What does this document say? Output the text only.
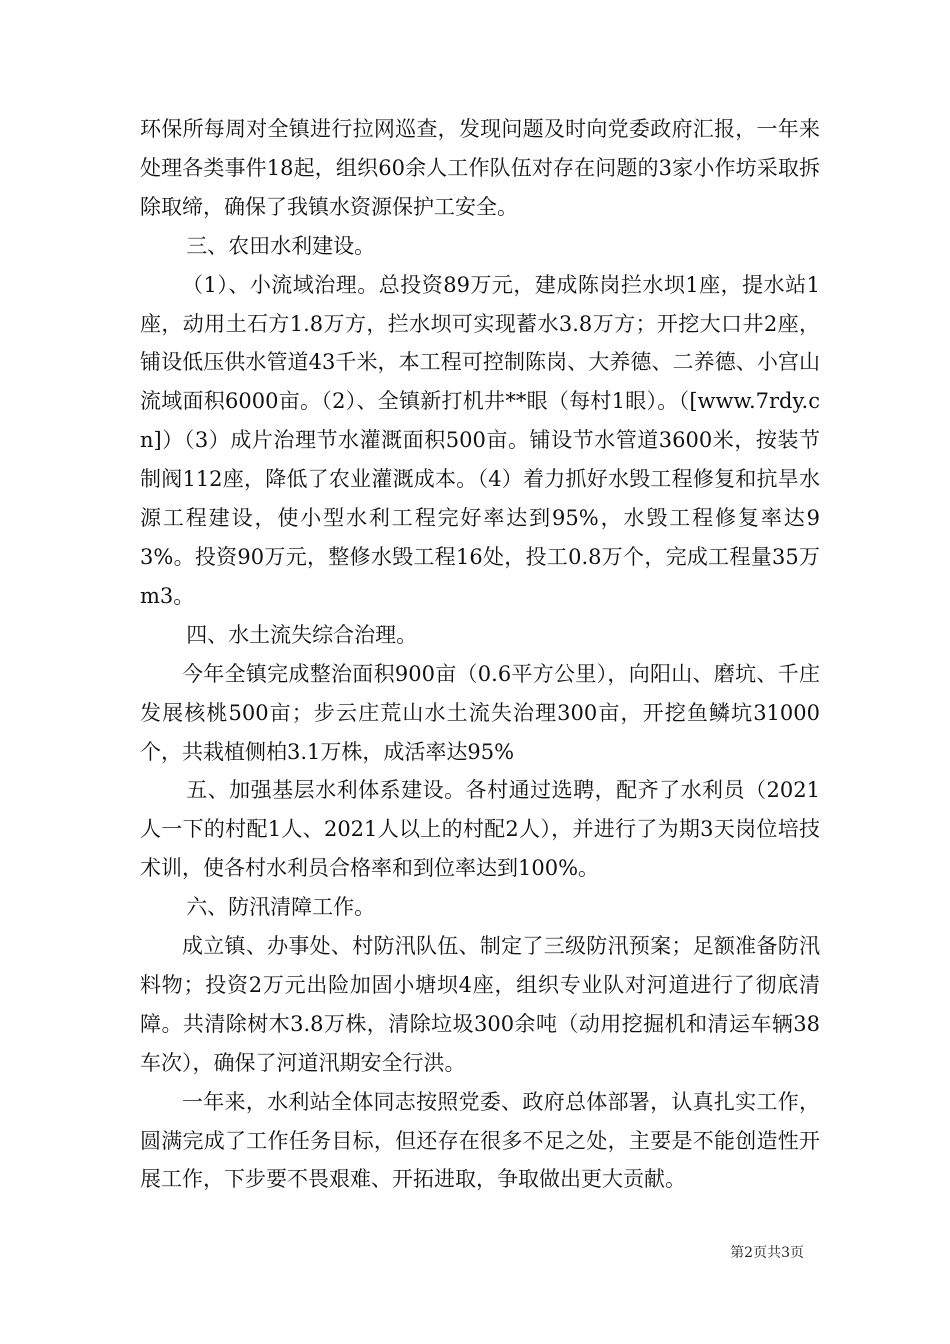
环保所每周对全镇进行拉网巡查，发现问题及时向党委政府汇报，一年来处理各类事件18起，组织60余人工作队伍对存在问题的3家小作坊采取拆除取缔，确保了我镇水资源保护工安全。

三、农田水利建设。

（1）、小流域治理。总投资89万元，建成陈岗拦水坝1座，提水站1座，动用土石方1.8万方，拦水坝可实现蓄水3.8万方；开挖大口井2座，铺设低压供水管道43千米，本工程可控制陈岗、大养德、二养德、小宫山流域面积6000亩。（2）、全镇新打机井**眼（每村1眼）。（[www.7rdy.cn]）（3）成片治理节水灌溉面积500亩。铺设节水管道3600米，按装节制阀112座，降低了农业灌溉成本。（4）着力抓好水毁工程修复和抗旱水源工程建设，使小型水利工程完好率达到95%，水毁工程修复率达93%。投资90万元，整修水毁工程16处，投工0.8万个，完成工程量35万m3。

四、水土流失综合治理。

今年全镇完成整治面积900亩（0.6平方公里），向阳山、磨坑、千庄发展核桃500亩；步云庄荒山水土流失治理300亩，开挖鱼鳞坑31000个，共栽植侧柏3.1万株，成活率达95%

五、加强基层水利体系建设。各村通过选聘，配齐了水利员（2021人一下的村配1人、2021人以上的村配2人），并进行了为期3天岗位培技术训，使各村水利员合格率和到位率达到100%。

六、防汛清障工作。

成立镇、办事处、村防汛队伍、制定了三级防汛预案；足额准备防汛料物；投资2万元出险加固小塘坝4座，组织专业队对河道进行了彻底清障。共清除树木3.8万株，清除垃圾300余吨（动用挖掘机和清运车辆38车次），确保了河道汛期安全行洪。

一年来，水利站全体同志按照党委、政府总体部署，认真扎实工作，圆满完成了工作任务目标，但还存在很多不足之处，主要是不能创造性开展工作，下步要不畏艰难、开拓进取，争取做出更大贡献。

第2页共3页
